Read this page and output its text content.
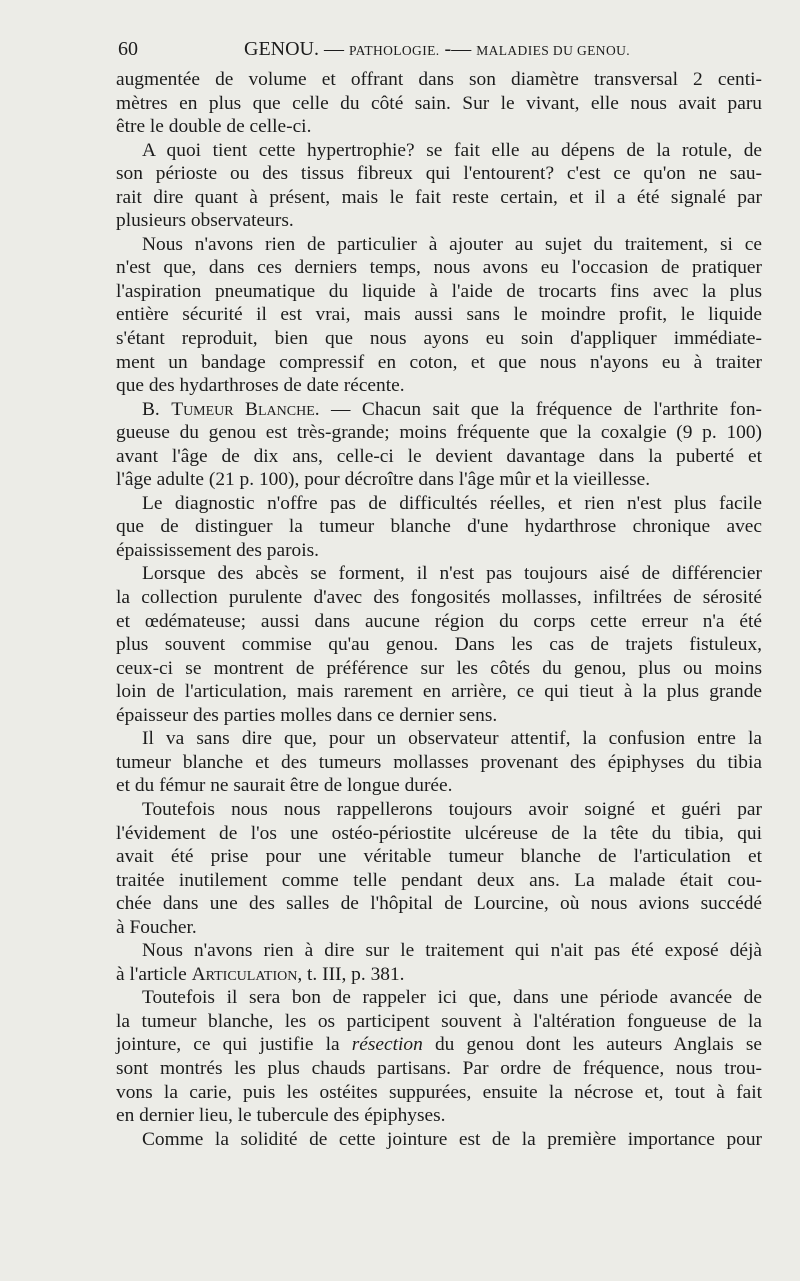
60	GENOU. — PATHOLOGIE. -— MALADIES DU GENOU.

augmentée de volume et offrant dans son diamètre transversal 2 centi-

mètres en plus que celle du côté sain. Sur le vivant, elle nous avait paru

être le double de celle-ci.

A quoi tient cette hypertrophie? se fait elle au dépens de la rotule, de

son périoste ou des tissus fibreux qui l'entourent? c'est ce qu'on ne sau-

rait dire quant à présent, mais le fait reste certain, et il a été signalé par

plusieurs observateurs.

Nous n'avons rien de particulier à ajouter au sujet du traitement, si ce

n'est que, dans ces derniers temps, nous avons eu l'occasion de pratiquer

l'aspiration pneumatique du liquide à l'aide de trocarts fins avec la plus

entière sécurité il est vrai, mais aussi sans le moindre profit, le liquide

s'étant reproduit, bien que nous ayons eu soin d'appliquer immédiate-

ment un bandage compressif en coton, et que nous n'ayons eu à traiter

que des hydarthroses de date récente.

B. Tumeur Blanche. — Chacun sait que la fréquence de l'arthrite fon-

gueuse du genou est très-grande; moins fréquente que la coxalgie (9 p. 100)

avant l'âge de dix ans, celle-ci le devient davantage dans la puberté et

l'âge adulte (21 p. 100), pour décroître dans l'âge mûr et la vieillesse.

Le diagnostic n'offre pas de difficultés réelles, et rien n'est plus facile

que de distinguer la tumeur blanche d'une hydarthrose chronique avec

épaississement des parois.

Lorsque des abcès se forment, il n'est pas toujours aisé de différencier

la collection purulente d'avec des fongosités mollasses, infiltrées de sérosité

et œdémateuse; aussi dans aucune région du corps cette erreur n'a été

plus souvent commise qu'au genou. Dans les cas de trajets fistuleux,

ceux-ci se montrent de préférence sur les côtés du genou, plus ou moins

loin de l'articulation, mais rarement en arrière, ce qui tieut à la plus grande

épaisseur des parties molles dans ce dernier sens.

Il va sans dire que, pour un observateur attentif, la confusion entre la

tumeur blanche et des tumeurs mollasses provenant des épiphyses du tibia

et du fémur ne saurait être de longue durée.

Toutefois nous nous rappellerons toujours avoir soigné et guéri par

l'évidement de l'os une ostéo-périostite ulcéreuse de la tête du tibia, qui

avait été prise pour une véritable tumeur blanche de l'articulation et

traitée inutilement comme telle pendant deux ans. La malade était cou-

chée dans une des salles de l'hôpital de Lourcine, où nous avions succédé

à Foucher.

Nous n'avons rien à dire sur le traitement qui n'ait pas été exposé déjà

à l'article Articulation, t. III, p. 381.

Toutefois il sera bon de rappeler ici que, dans une période avancée de

la tumeur blanche, les os participent souvent à l'altération fongueuse de la

jointure, ce qui justifie la résection du genou dont les auteurs Anglais se

sont montrés les plus chauds partisans. Par ordre de fréquence, nous trou-

vons la carie, puis les ostéites suppurées, ensuite la nécrose et, tout à fait

en dernier lieu, le tubercule des épiphyses.

Comme la solidité de cette jointure est de la première importance pour
